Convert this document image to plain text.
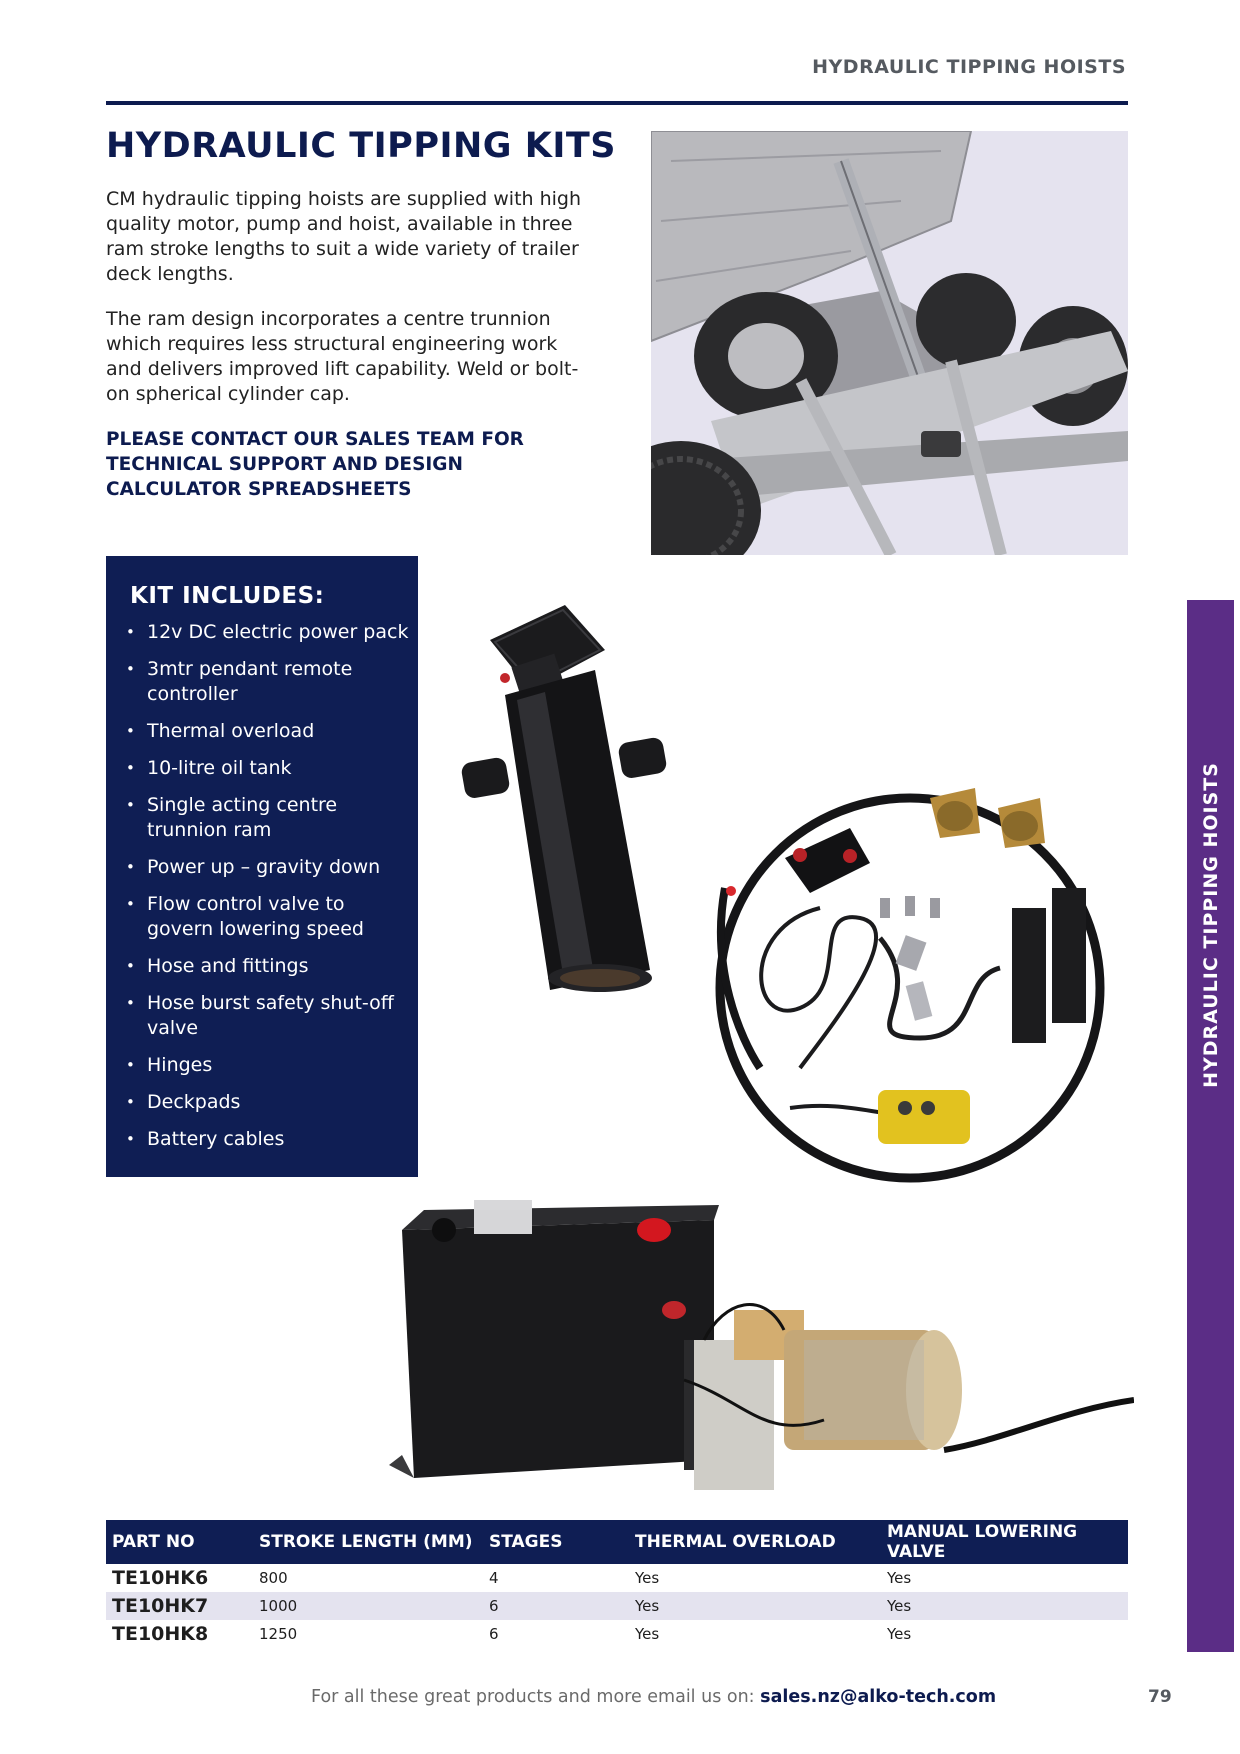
HYDRAULIC TIPPING HOISTS
HYDRAULIC TIPPING KITS

CM hydraulic tipping hoists are supplied with high quality motor, pump and hoist, available in three ram stroke lengths to suit a wide variety of trailer deck lengths.

The ram design incorporates a centre trunnion which requires less structural engineering work and delivers improved lift capability. Weld or bolt-on spherical cylinder cap.

PLEASE CONTACT OUR SALES TEAM FOR TECHNICAL SUPPORT AND DESIGN CALCULATOR SPREADSHEETS

KIT INCLUDES:
• 12v DC electric power pack
• 3mtr pendant remote controller
• Thermal overload
• 10-litre oil tank
• Single acting centre trunnion ram
• Power up – gravity down
• Flow control valve to govern lowering speed
• Hose and fittings
• Hose burst safety shut-off valve
• Hinges
• Deckpads
• Battery cables
HYDRAULIC TIPPING HOISTS
PART NO	STROKE LENGTH (MM)	STAGES	THERMAL OVERLOAD	MANUAL LOWERING VALVE
TE10HK6	800	4	Yes	Yes
TE10HK7	1000	6	Yes	Yes
TE10HK8	1250	6	Yes	Yes
For all these great products and more email us on: sales.nz@alko-tech.com	79
